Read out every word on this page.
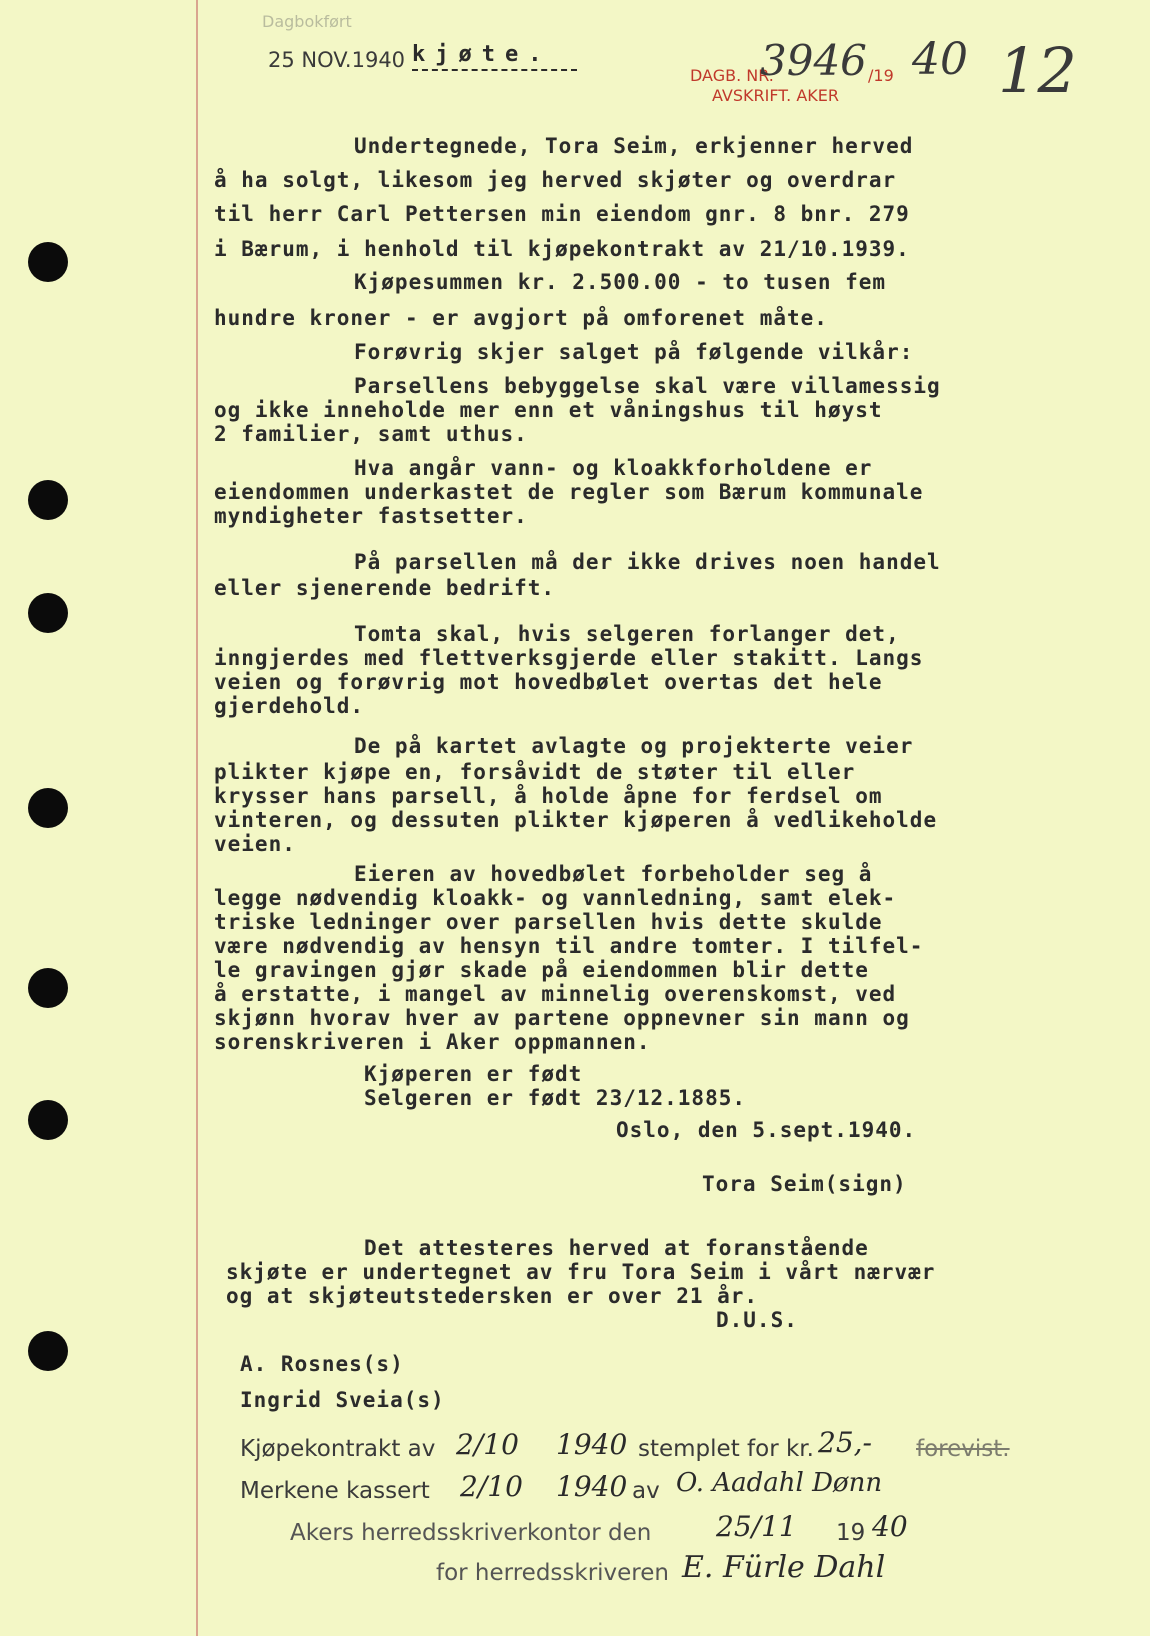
Dagbokført
25 NOV.1940 kjøte.
DAGB. NR.
3946 /19 40
AVSKRIFT. AKER	12
Undertegnede, Tora Seim, erkjenner herved
å ha solgt, likesom jeg herved skjøter og overdrar
til herr Carl Pettersen min eiendom gnr. 8 bnr. 279
i Bærum, i henhold til kjøpekontrakt av 21/10.1939.
Kjøpesummen kr. 2.500.00 - to tusen fem
hundre kroner - er avgjort på omforenet måte.
Forøvrig skjer salget på følgende vilkår:
Parsellens bebyggelse skal være villamessig
og ikke inneholde mer enn et våningshus til høyst
2 familier, samt uthus.
Hva angår vann- og kloakkforholdene er
eiendommen underkastet de regler som Bærum kommunale
myndigheter fastsetter.
På parsellen må der ikke drives noen handel
eller sjenerende bedrift.
Tomta skal, hvis selgeren forlanger det,
inngjerdes med flettverksgjerde eller stakitt. Langs
veien og forøvrig mot hovedbølet overtas det hele
gjerdehold.
De på kartet avlagte og projekterte veier
plikter kjøpe en, forsåvidt de støter til eller
krysser hans parsell, å holde åpne for ferdsel om
vinteren, og dessuten plikter kjøperen å vedlikeholde
veien.
Eieren av hovedbølet forbeholder seg å
legge nødvendig kloakk- og vannledning, samt elek-
triske ledninger over parsellen hvis dette skulde
være nødvendig av hensyn til andre tomter. I tilfel-
le gravingen gjør skade på eiendommen blir dette
å erstatte, i mangel av minnelig overenskomst, ved
skjønn hvorav hver av partene oppnevner sin mann og
sorenskriveren i Aker oppmannen.
Kjøperen er født
Selgeren er født 23/12.1885.
Oslo, den 5.sept.1940.
Tora Seim(sign)
Det attesteres herved at foranstående
skjøte er undertegnet av fru Tora Seim i vårt nærvær
og at skjøteutstedersken er over 21 år.
D.U.S.
A. Rosnes(s)
Ingrid Sveia(s)
Kjøpekontrakt av 2/10 1940 stemplet for kr. 25,- forevist.
Merkene kassert 2/10 1940 av O. Aadahl Dønn
Akers herredsskriverkontor den 25/11 19 40
for herredsskriveren E. Fürle Dahl
